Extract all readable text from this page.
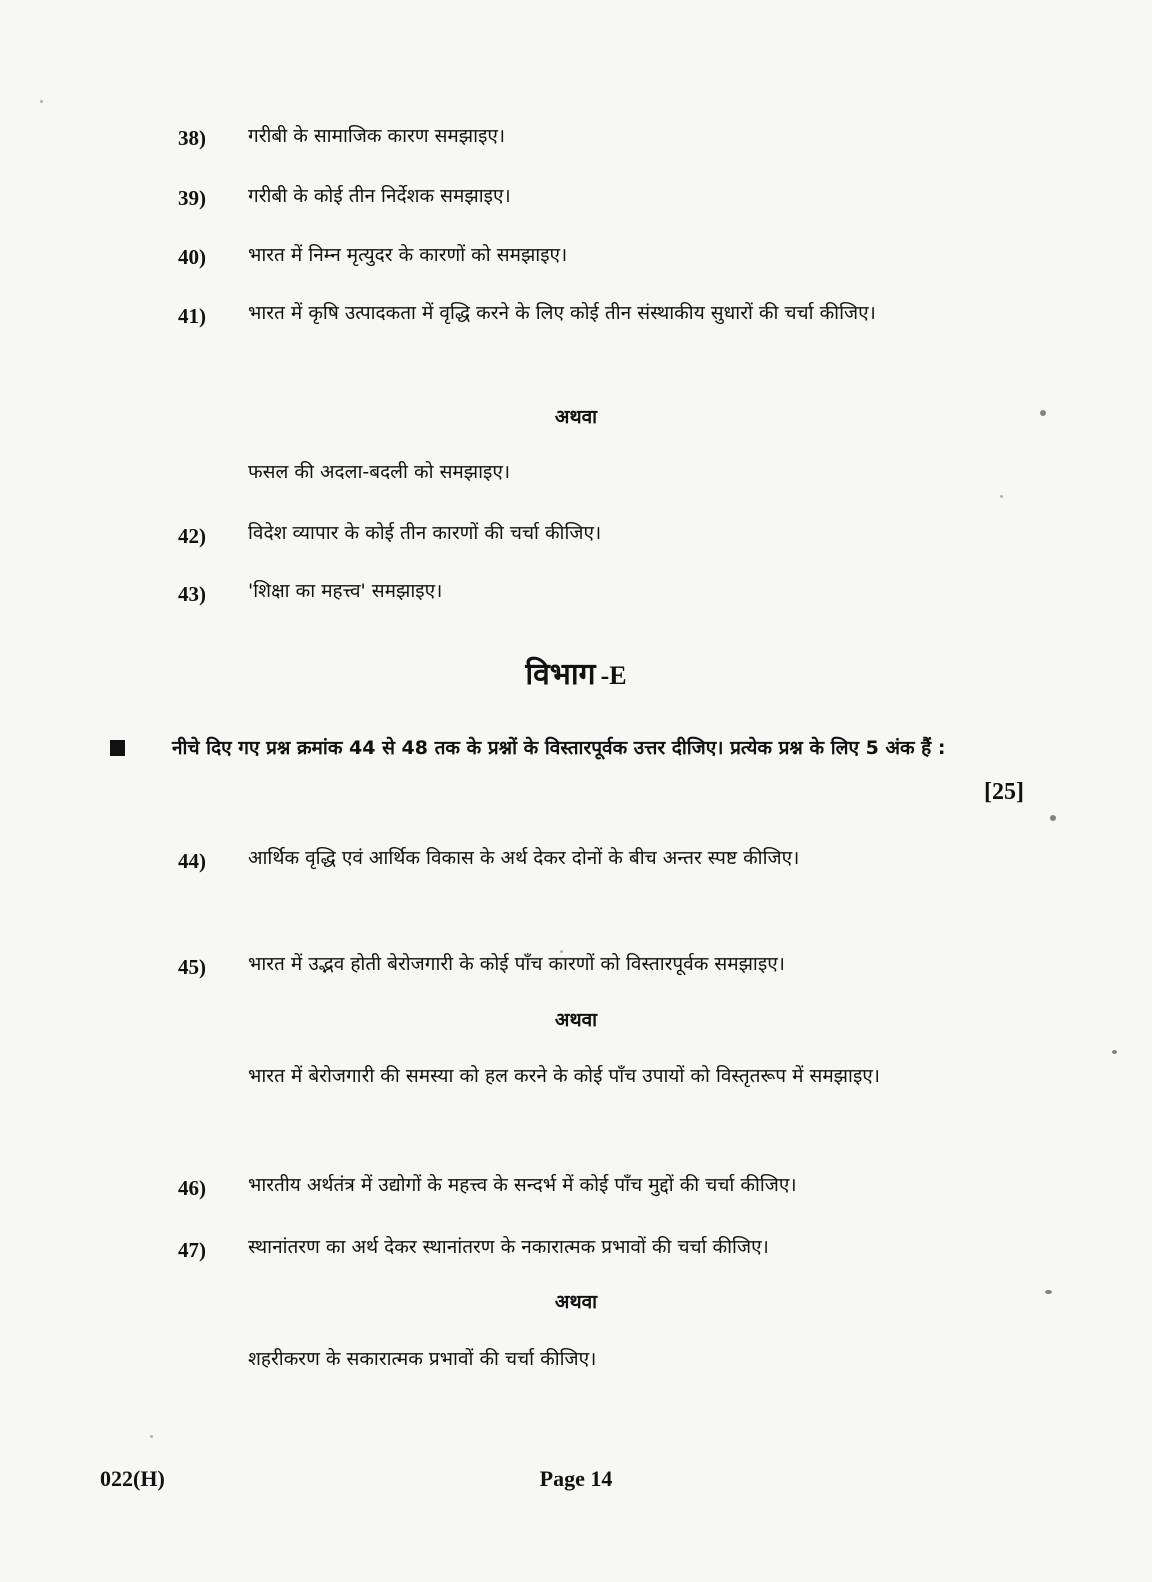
38)	गरीबी के सामाजिक कारण समझाइए।

39)	गरीबी के कोई तीन निर्देशक समझाइए।

40)	भारत में निम्न मृत्युदर के कारणों को समझाइए।

41)	भारत में कृषि उत्पादकता में वृद्धि करने के लिए कोई तीन संस्थाकीय सुधारों की चर्चा कीजिए।

अथवा

फसल की अदला-बदली को समझाइए।

42)	विदेश व्यापार के कोई तीन कारणों की चर्चा कीजिए।

43)	'शिक्षा का महत्त्व' समझाइए।

विभाग -E

नीचे दिए गए प्रश्न क्रमांक 44 से 48 तक के प्रश्नों के विस्तारपूर्वक उत्तर दीजिए। प्रत्येक प्रश्न के लिए 5 अंक हैं :

[25]
44)	आर्थिक वृद्धि एवं आर्थिक विकास के अर्थ देकर दोनों के बीच अन्तर स्पष्ट कीजिए।

45)	भारत में उद्भव होती बेरोजगारी के कोई पाँच कारणों को विस्तारपूर्वक समझाइए।

अथवा

भारत में बेरोजगारी की समस्या को हल करने के कोई पाँच उपायों को विस्तृतरूप में समझाइए।

46)	भारतीय अर्थतंत्र में उद्योगों के महत्त्व के सन्दर्भ में कोई पाँच मुद्दों की चर्चा कीजिए।

47)	स्थानांतरण का अर्थ देकर स्थानांतरण के नकारात्मक प्रभावों की चर्चा कीजिए।

अथवा

शहरीकरण के सकारात्मक प्रभावों की चर्चा कीजिए।

022(H)	Page 14
